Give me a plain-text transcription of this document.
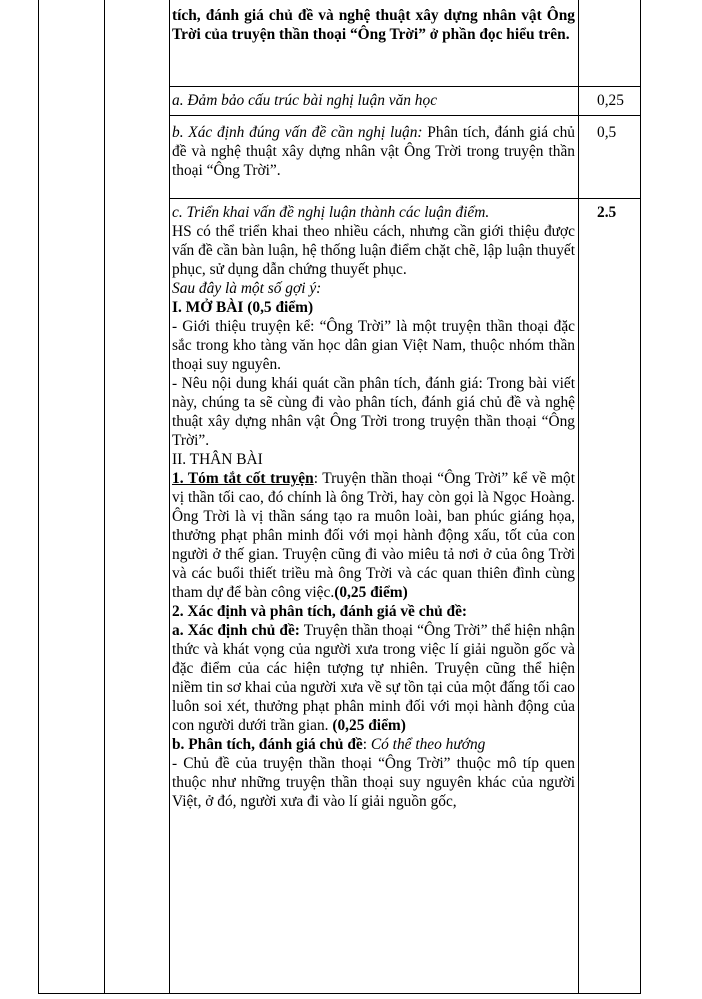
tích, đánh giá chủ đề và nghệ thuật xây dựng nhân vật Ông Trời của truyện thần thoại “Ông Trời” ở phần đọc hiểu trên.
a. Đảm bảo cấu trúc bài nghị luận văn học	0,25
b. Xác định đúng vấn đề cần nghị luận: Phân tích, đánh giá chủ đề và nghệ thuật xây dựng nhân vật Ông Trời trong truyện thần thoại “Ông Trời”.
0,5
2.5

c. Triển khai vấn đề nghị luận thành các luận điểm.

HS có thể triển khai theo nhiều cách, nhưng cần giới thiệu được vấn đề cần bàn luận, hệ thống luận điểm chặt chẽ, lập luận thuyết phục, sử dụng dẫn chứng thuyết phục.

Sau đây là một số gợi ý:

I. MỞ BÀI (0,5 điểm)

- Giới thiệu truyện kể: “Ông Trời” là một truyện thần thoại đặc sắc trong kho tàng văn học dân gian Việt Nam, thuộc nhóm thần thoại suy nguyên.

- Nêu nội dung khái quát cần phân tích, đánh giá: Trong bài viết này, chúng ta sẽ cùng đi vào phân tích, đánh giá chủ đề và nghệ thuật xây dựng nhân vật Ông Trời trong truyện thần thoại “Ông Trời”.

II. THÂN BÀI

1. Tóm tắt cốt truyện: Truyện thần thoại “Ông Trời” kể về một vị thần tối cao, đó chính là ông Trời, hay còn gọi là Ngọc Hoàng. Ông Trời là vị thần sáng tạo ra muôn loài, ban phúc giáng họa, thưởng phạt phân minh đối với mọi hành động xấu, tốt của con người ở thế gian. Truyện cũng đi vào miêu tả nơi ở của ông Trời và các buổi thiết triều mà ông Trời và các quan thiên đình cùng tham dự để bàn công việc.(0,25 điểm)

2. Xác định và phân tích, đánh giá về chủ đề:

a. Xác định chủ đề: Truyện thần thoại “Ông Trời” thể hiện nhận thức và khát vọng của người xưa trong việc lí giải nguồn gốc và đặc điểm của các hiện tượng tự nhiên. Truyện cũng thể hiện niềm tin sơ khai của người xưa về sự tồn tại của một đấng tối cao luôn soi xét, thưởng phạt phân minh đối với mọi hành động của con người dưới trần gian. (0,25 điểm)

b. Phân tích, đánh giá chủ đề: Có thể theo hướng

- Chủ đề của truyện thần thoại “Ông Trời” thuộc mô típ quen thuộc như những truyện thần thoại suy nguyên khác của người Việt, ở đó, người xưa đi vào lí giải nguồn gốc,
